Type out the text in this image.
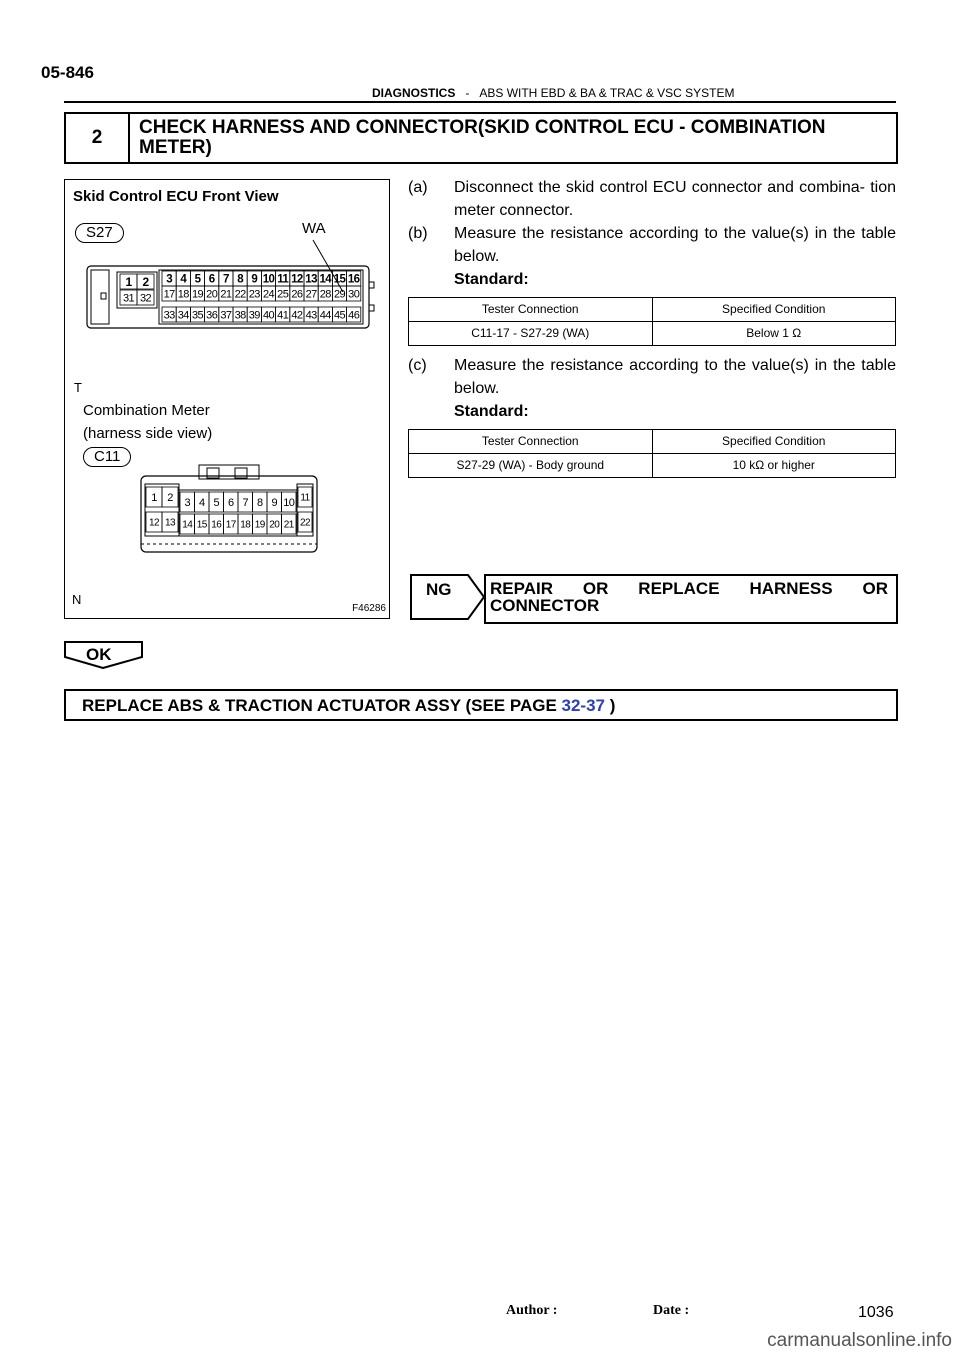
05-846
DIAGNOSTICS - ABS WITH EBD & BA & TRAC & VSC SYSTEM
2	CHECK HARNESS AND CONNECTOR(SKID CONTROL ECU - COMBINATION METER)
Skid Control ECU Front View
S27	WA
1 2
31 32
3 4 5 6 7 8 9 10 11 12 13 14 15 16
17 18 19 20 21 22 23 24 25 26 27 28 29 30
33 34 35 36 37 38 39 40 41 42 43 44 45 46
1 2
12 13
3 4 5 6 7 8 9 10
14 15 16 17 18 19 20 21
11
22
T
Combination Meter
(harness side view)
C11
N
F46286
(a)	Disconnect the skid control ECU connector and combina- tion meter connector.
(b)	Measure the resistance according to the value(s) in the table below.
Standard:
Tester Connection	Specified Condition
C11-17 - S27-29 (WA)	Below 1 Ω
(c)	Measure the resistance according to the value(s) in the table below.
Standard:
Tester Connection	Specified Condition
S27-29 (WA) - Body ground	10 kΩ or higher
NG REPAIR OR REPLACE HARNESS OR CONNECTOR
OK
REPLACE ABS & TRACTION ACTUATOR ASSY (SEE PAGE 32-37 )
Author :	Date :	1036
carmanualsonline.info
